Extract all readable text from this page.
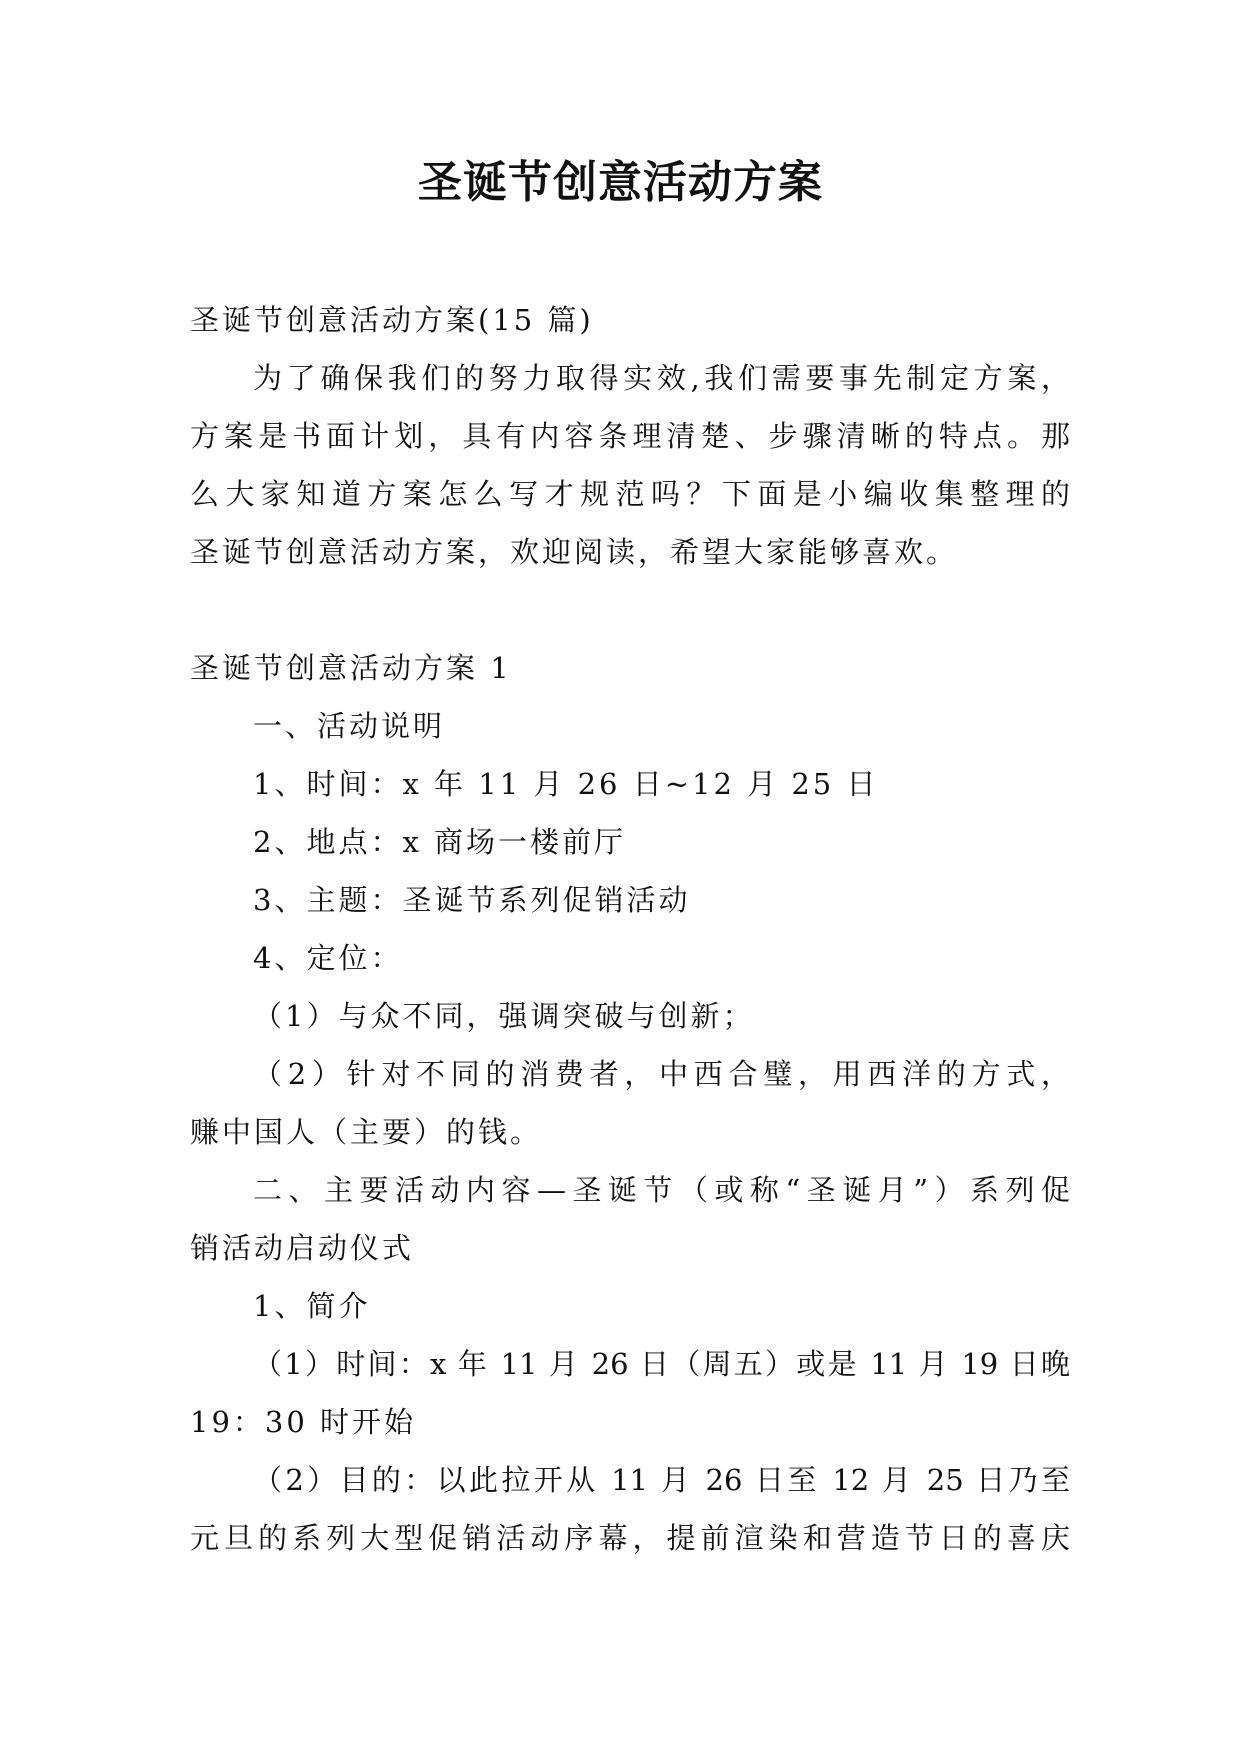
圣诞节创意活动方案

圣诞节创意活动方案(15 篇)

为了确保我们的努力取得实效,我们需要事先制定方案，

方案是书面计划，具有内容条理清楚、步骤清晰的特点。那

么大家知道方案怎么写才规范吗？下面是小编收集整理的

圣诞节创意活动方案，欢迎阅读，希望大家能够喜欢。

圣诞节创意活动方案 1

一、活动说明

1、时间：x 年 11 月 26 日~12 月 25 日

2、地点：x 商场一楼前厅

3、主题：圣诞节系列促销活动

4、定位：

（1）与众不同，强调突破与创新；

（2）针对不同的消费者，中西合璧，用西洋的方式，

赚中国人（主要）的钱。

二、主要活动内容—圣诞节（或称“圣诞月”）系列促

销活动启动仪式

1、简介

（1）时间：x 年 11 月 26 日（周五）或是 11 月 19 日晚

19：30 时开始

（2）目的：以此拉开从 11 月 26 日至 12 月 25 日乃至

元旦的系列大型促销活动序幕，提前渲染和营造节日的喜庆
